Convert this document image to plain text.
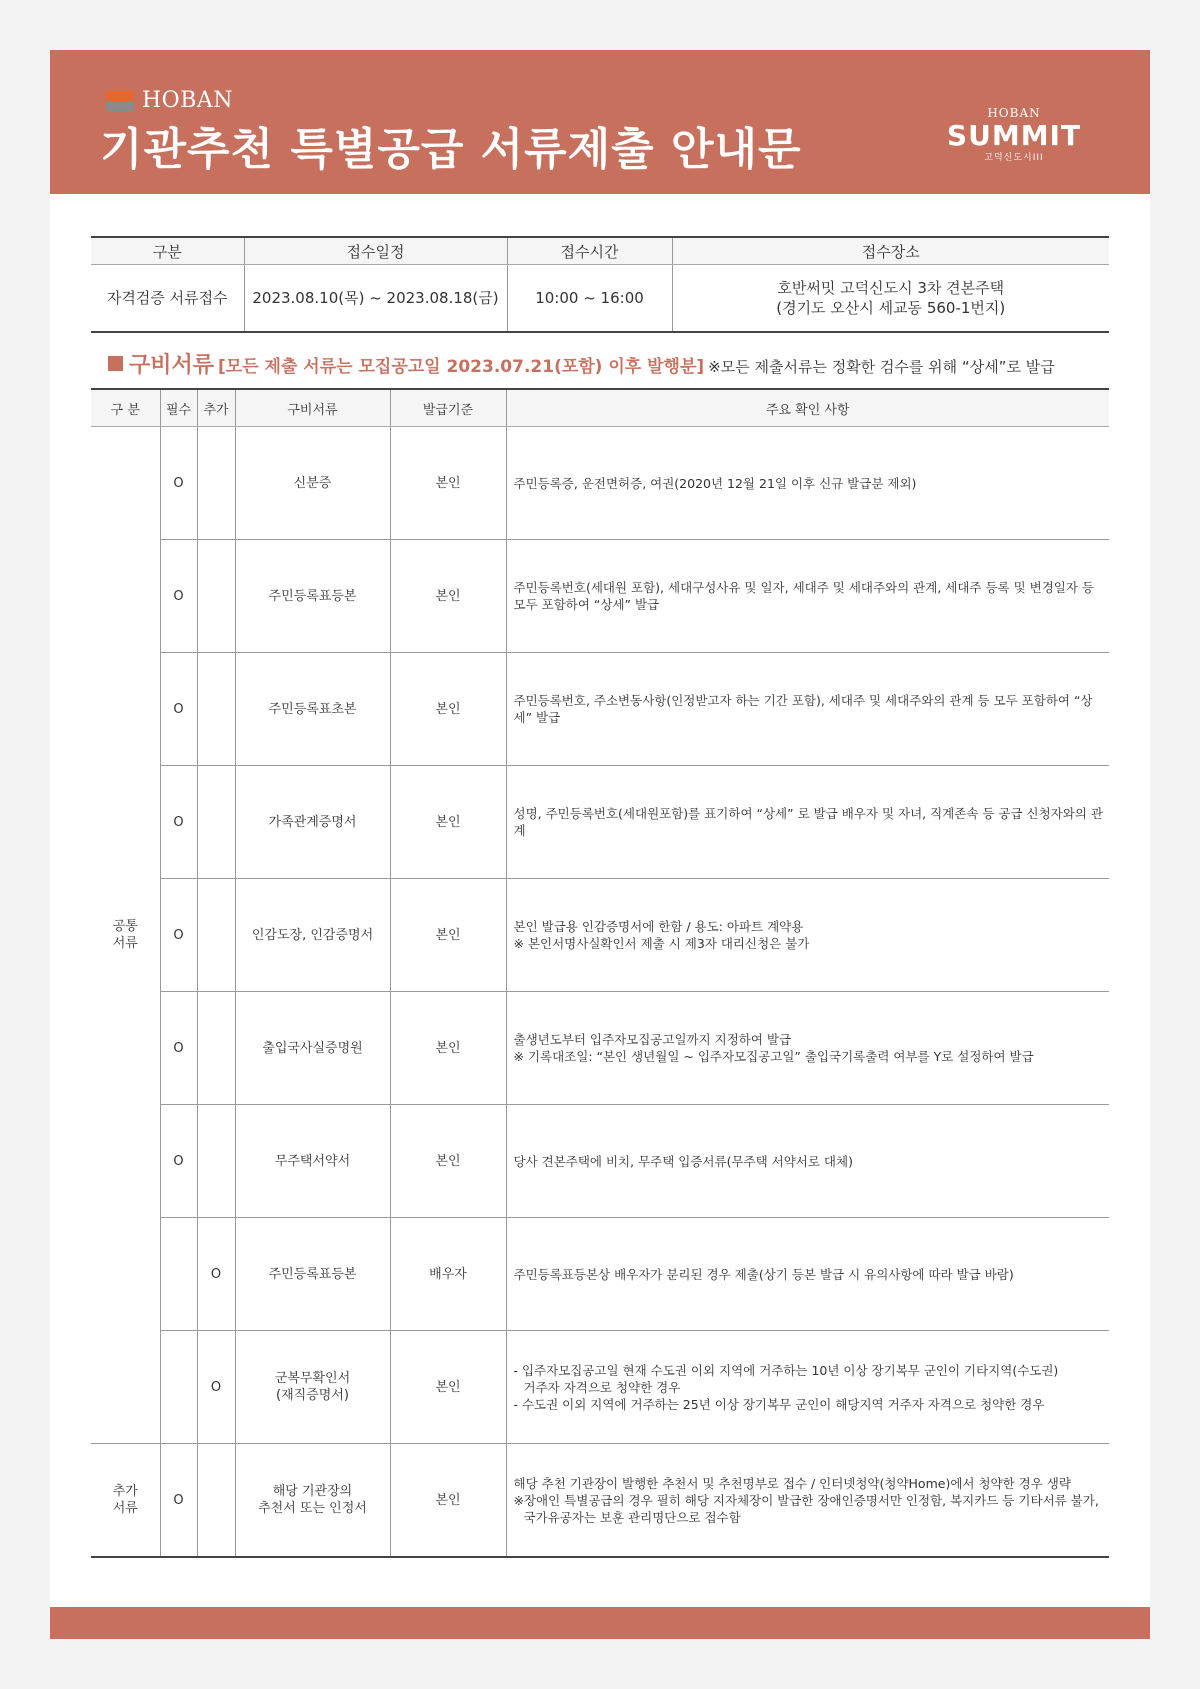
HOBAN
기관추천 특별공급 서류제출 안내문
HOBAN
SUMMIT
고덕신도시III
구분	접수일정	접수시간	접수장소
자격검증 서류접수	2023.08.10(목) ~ 2023.08.18(금)	10:00 ~ 16:00	호반써밋 고덕신도시 3차 견본주택
(경기도 오산시 세교동 560-1번지)
구비서류 [모든 제출 서류는 모집공고일 2023.07.21(포함) 이후 발행분] ※모든 제출서류는 정확한 검수를 위해 “상세”로 발급
구 분	필수	추가	구비서류	발급기준	주요 확인 사항

공통
서류	O		신분증	본인	주민등록증, 운전면허증, 여권(2020년 12월 21일 이후 신규 발급분 제외)

	O		주민등록표등본	본인	주민등록번호(세대원 포함), 세대구성사유 및 일자, 세대주 및 세대주와의 관계, 세대주 등록 및 변경일자 등
모두 포함하여 “상세” 발급

	O		주민등록표초본	본인	주민등록번호, 주소변동사항(인정받고자 하는 기간 포함), 세대주 및 세대주와의 관계 등 모두 포함하여 “상세” 발급

	O		가족관계증명서	본인	성명, 주민등록번호(세대원포함)를 표기하여 “상세” 로 발급 배우자 및 자녀, 직계존속 등 공급 신청자와의 관계

	O		인감도장, 인감증명서	본인	본인 발급용 인감증명서에 한함 / 용도: 아파트 계약용
※ 본인서명사실확인서 제출 시 제3자 대리신청은 불가

	O		출입국사실증명원	본인	출생년도부터 입주자모집공고일까지 지정하여 발급
※ 기록대조일: “본인 생년월일 ~ 입주자모집공고일” 출입국기록출력 여부를 Y로 설정하여 발급

	O		무주택서약서	본인	당사 견본주택에 비치, 무주택 입증서류(무주택 서약서로 대체)

		O	주민등록표등본	배우자	주민등록표등본상 배우자가 분리된 경우 제출(상기 등본 발급 시 유의사항에 따라 발급 바람)

		O	군복무확인서
(재직증명서)	본인	- 입주자모집공고일 현재 수도권 이외 지역에 거주하는 10년 이상 장기복무 군인이 기타지역(수도권)
거주자 자격으로 청약한 경우
- 수도권 이외 지역에 거주하는 25년 이상 장기복무 군인이 해당지역 거주자 자격으로 청약한 경우

추가
서류	O		해당 기관장의
추천서 또는 인정서	본인	해당 추천 기관장이 발행한 추천서 및 추천명부로 접수 / 인터넷청약(청약Home)에서 청약한 경우 생략
※장애인 특별공급의 경우 필히 해당 지자체장이 발급한 장애인증명서만 인정함, 복지카드 등 기타서류 불가,
국가유공자는 보훈 관리명단으로 접수함
